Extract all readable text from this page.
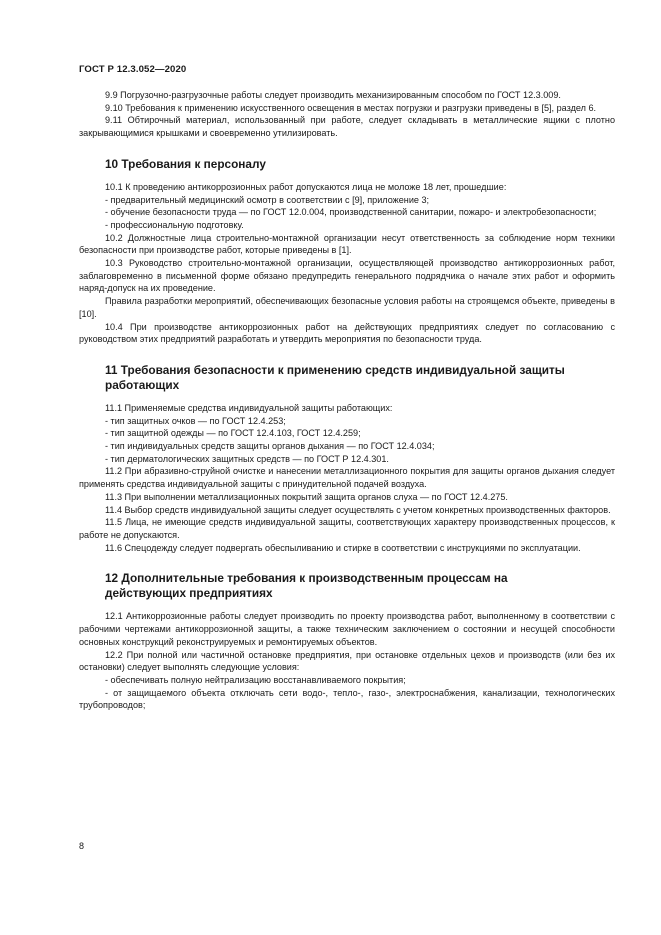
ГОСТ Р 12.3.052—2020

9.9 Погрузочно-разгрузочные работы следует производить механизированным способом по ГОСТ 12.3.009.

9.10 Требования к применению искусственного освещения в местах погрузки и разгрузки приведены в [5], раздел 6.

9.11 Обтирочный материал, использованный при работе, следует складывать в металлические ящики с плотно закрывающимися крышками и своевременно утилизировать.

10 Требования к персоналу

10.1 К проведению антикоррозионных работ допускаются лица не моложе 18 лет, прошедшие:

- предварительный медицинский осмотр в соответствии с [9], приложение 3;

- обучение безопасности труда — по ГОСТ 12.0.004, производственной санитарии, пожаро- и электробезопасности;

- профессиональную подготовку.

10.2 Должностные лица строительно-монтажной организации несут ответственность за соблюдение норм техники безопасности при производстве работ, которые приведены в [1].

10.3 Руководство строительно-монтажной организации, осуществляющей производство антикоррозионных работ, заблаговременно в письменной форме обязано предупредить генерального подрядчика о начале этих работ и оформить наряд-допуск на их проведение.

Правила разработки мероприятий, обеспечивающих безопасные условия работы на строящемся объекте, приведены в [10].

10.4 При производстве антикоррозионных работ на действующих предприятиях следует по согласованию с руководством этих предприятий разработать и утвердить мероприятия по безопасности труда.

11 Требования безопасности к применению средств индивидуальной защиты работающих

11.1 Применяемые средства индивидуальной защиты работающих:

- тип защитных очков — по ГОСТ 12.4.253;

- тип защитной одежды — по ГОСТ 12.4.103, ГОСТ 12.4.259;

- тип индивидуальных средств защиты органов дыхания — по ГОСТ 12.4.034;

- тип дерматологических защитных средств — по ГОСТ Р 12.4.301.

11.2 При абразивно-струйной очистке и нанесении металлизационного покрытия для защиты органов дыхания следует применять средства индивидуальной защиты с принудительной подачей воздуха.

11.3 При выполнении металлизационных покрытий защита органов слуха — по ГОСТ 12.4.275.

11.4 Выбор средств индивидуальной защиты следует осуществлять с учетом конкретных производственных факторов.

11.5 Лица, не имеющие средств индивидуальной защиты, соответствующих характеру производственных процессов, к работе не допускаются.

11.6 Спецодежду следует подвергать обеспыливанию и стирке в соответствии с инструкциями по эксплуатации.

12 Дополнительные требования к производственным процессам на действующих предприятиях

12.1 Антикоррозионные работы следует производить по проекту производства работ, выполненному в соответствии с рабочими чертежами антикоррозионной защиты, а также техническим заключением о состоянии и несущей способности основных конструкций реконструируемых и ремонтируемых объектов.

12.2 При полной или частичной остановке предприятия, при остановке отдельных цехов и производств (или без их остановки) следует выполнять следующие условия:

- обеспечивать полную нейтрализацию восстанавливаемого покрытия;

- от защищаемого объекта отключать сети водо-, тепло-, газо-, электроснабжения, канализации, технологических трубопроводов;

8
